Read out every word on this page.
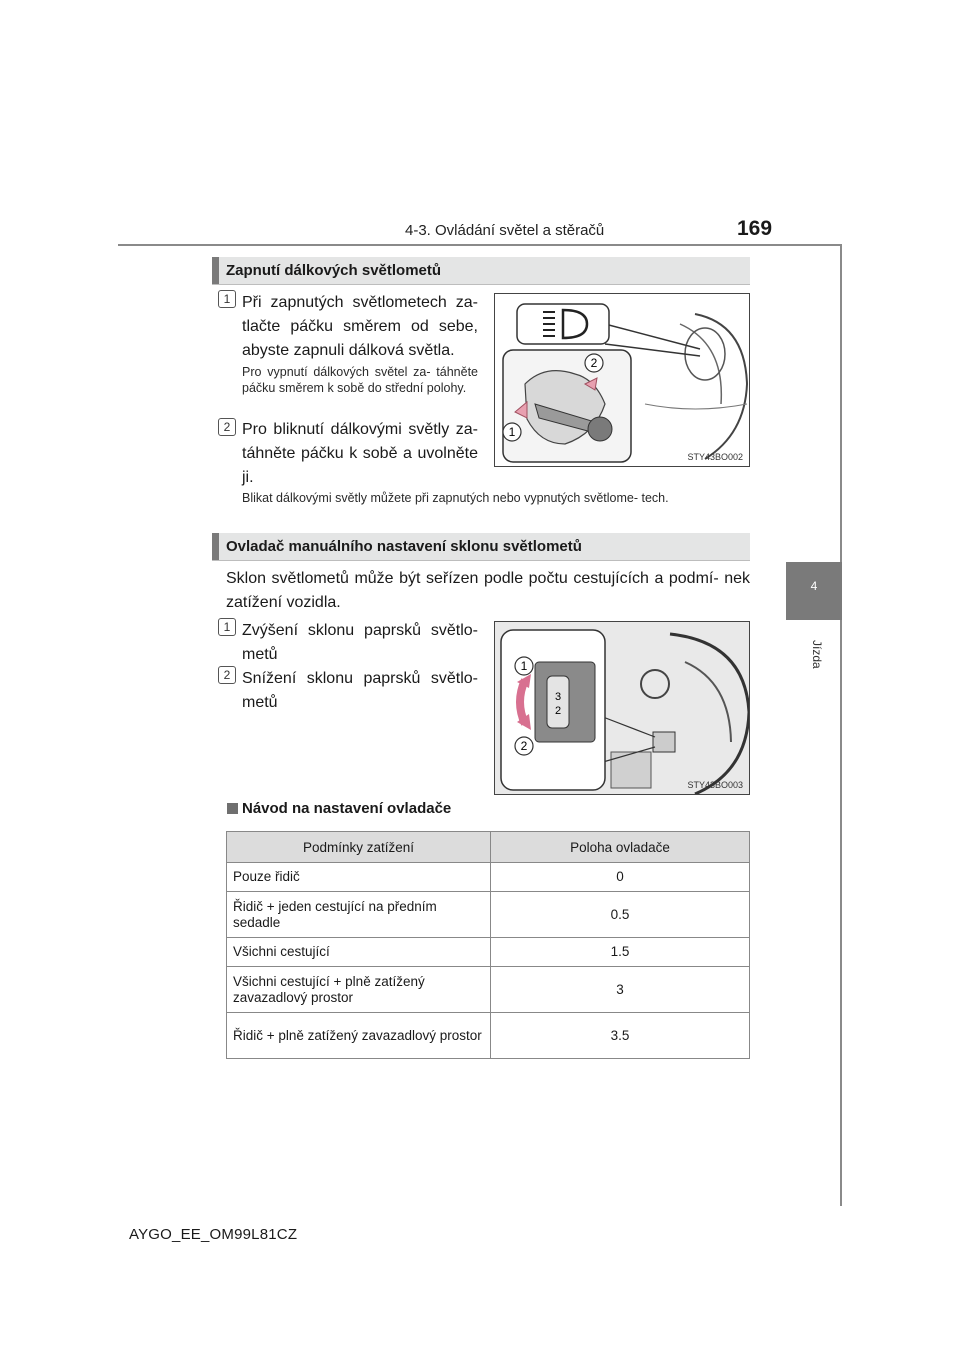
4-3. Ovládání světel a stěračů	169
4
Jízda
Zapnutí dálkových světlometů
1 Při zapnutých světlometech za- tlačte páčku směrem od sebe, abyste zapnuli dálková světla.
Pro vypnutí dálkových světel za- táhněte páčku směrem k sobě do střední polohy.
2 Pro bliknutí dálkovými světly za- táhněte páčku k sobě a uvolněte ji.
Blikat dálkovými světly můžete při zapnutých nebo vypnutých světlome- tech.
2
1
STY43BO002
Ovladač manuálního nastavení sklonu světlometů
Sklon světlometů může být seřízen podle počtu cestujících a podmí- nek zatížení vozidla.
1 Zvýšení sklonu paprsků světlo- metů
2 Snížení sklonu paprsků světlo- metů	3
2
1
2
STY43BO003
Návod na nastavení ovladače
Podmínky zatížení	Poloha ovladače
Pouze řidič	0
Řidič + jeden cestující na předním sedadle	0.5
Všichni cestující	1.5
Všichni cestující + plně zatížený zavazadlový prostor	3
Řidič + plně zatížený zavazadlový prostor	3.5
AYGO_EE_OM99L81CZ
